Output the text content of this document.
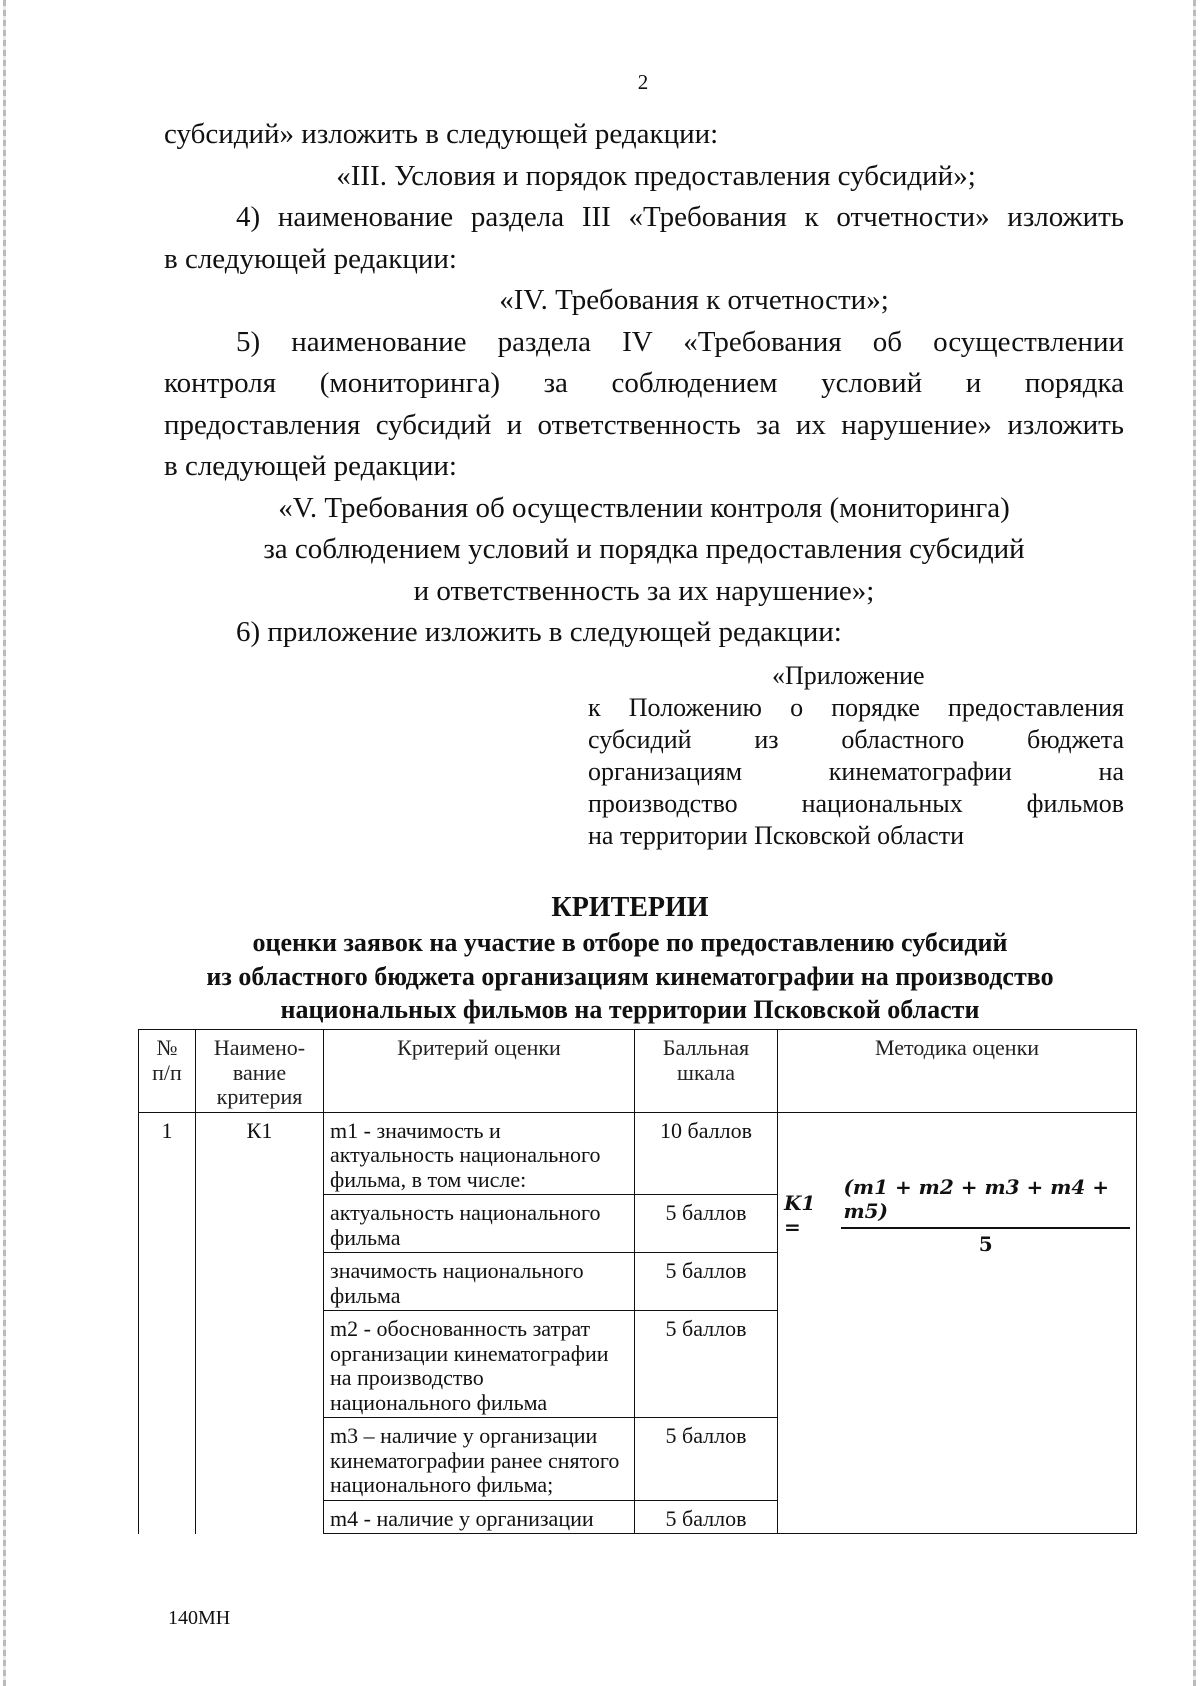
2
субсидий» изложить в следующей редакции:
«III. Условия и порядок предоставления субсидий»;
4) наименование раздела III «Требования к отчетности» изложить
в следующей редакции:
«IV. Требования к отчетности»;
5) наименование раздела IV «Требования об осуществлении
контроля (мониторинга) за соблюдением условий и порядка
предоставления субсидий и ответственность за их нарушение» изложить
в следующей редакции:
«V. Требования об осуществлении контроля (мониторинга)
за соблюдением условий и порядка предоставления субсидий
и ответственность за их нарушение»;
6) приложение изложить в следующей редакции:
«Приложение
к Положению о порядке предоставления
субсидий из областного бюджета
организациям кинематографии на
производство национальных фильмов
на территории Псковской области
КРИТЕРИИ
оценки заявок на участие в отборе по предоставлению субсидий
из областного бюджета организациям кинематографии на производство
национальных фильмов на территории Псковской области
№ п/п	Наимено-вание критерия	Критерий оценки	Балльная шкала	Методика оценки
1	К1	m1 - значимость и актуальность национального фильма, в том числе:	10 баллов	$K1 = \frac{(m1 + m2 + m3 + m4 + m5)}{5}$

		актуальность национального фильма	5 баллов	
		значимость национального фильма	5 баллов	
		m2 - обоснованность затрат организации кинематографии на производство национального фильма	5 баллов	
		m3 – наличие у организации кинематографии ранее снятого национального фильма;	5 баллов	
		m4 - наличие у организации	5 баллов	
140МН
